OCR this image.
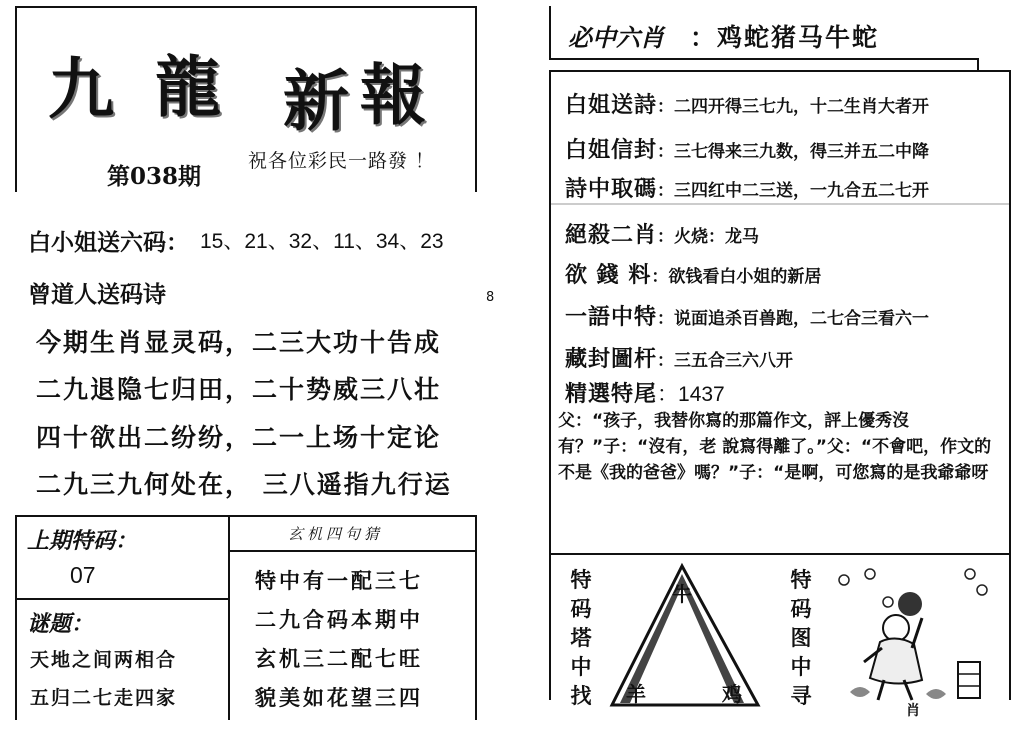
九 龍 新 報
第038期
祝各位彩民一路發 ！
白小姐送六码： 15、21、32、11、34、23
曾道人送码诗
今期生肖显灵码，二三大功十告成
二九退隐七归田，二十势威三八壮
四十欲出二纷纷，二一上场十定论
二九三九何处在， 三八遥指九行运
上期特码：
07
谜题：
天地之间两相合
五归二七走四家
玄机四句猜
特中有一配三七
二九合码本期中
玄机三二配七旺
貌美如花望三四
8
必中六肖 ：鸡蛇猪马牛蛇
白姐送詩：二四开得三七九，十二生肖大者开
白姐信封：三七得来三九数，得三并五二中降
詩中取碼：三四红中二三送，一九合五二七开
絕殺二肖：火烧：龙马
欲 錢 料：欲钱看白小姐的新居
一語中特：说面追杀百兽跑，二七合三看六一
藏封圖杆：三五合三六八开
精選特尾：1437
父：“孩子，我替你寫的那篇作文，評上優秀沒有？”子：“沒有，老 說寫得離了。”父：“不會吧，作文的 不是《我的爸爸》嗎？”子：“是啊，可您寫的是我爺爺呀
特码塔中找
牛
羊	鸡
特码图中寻
肖
